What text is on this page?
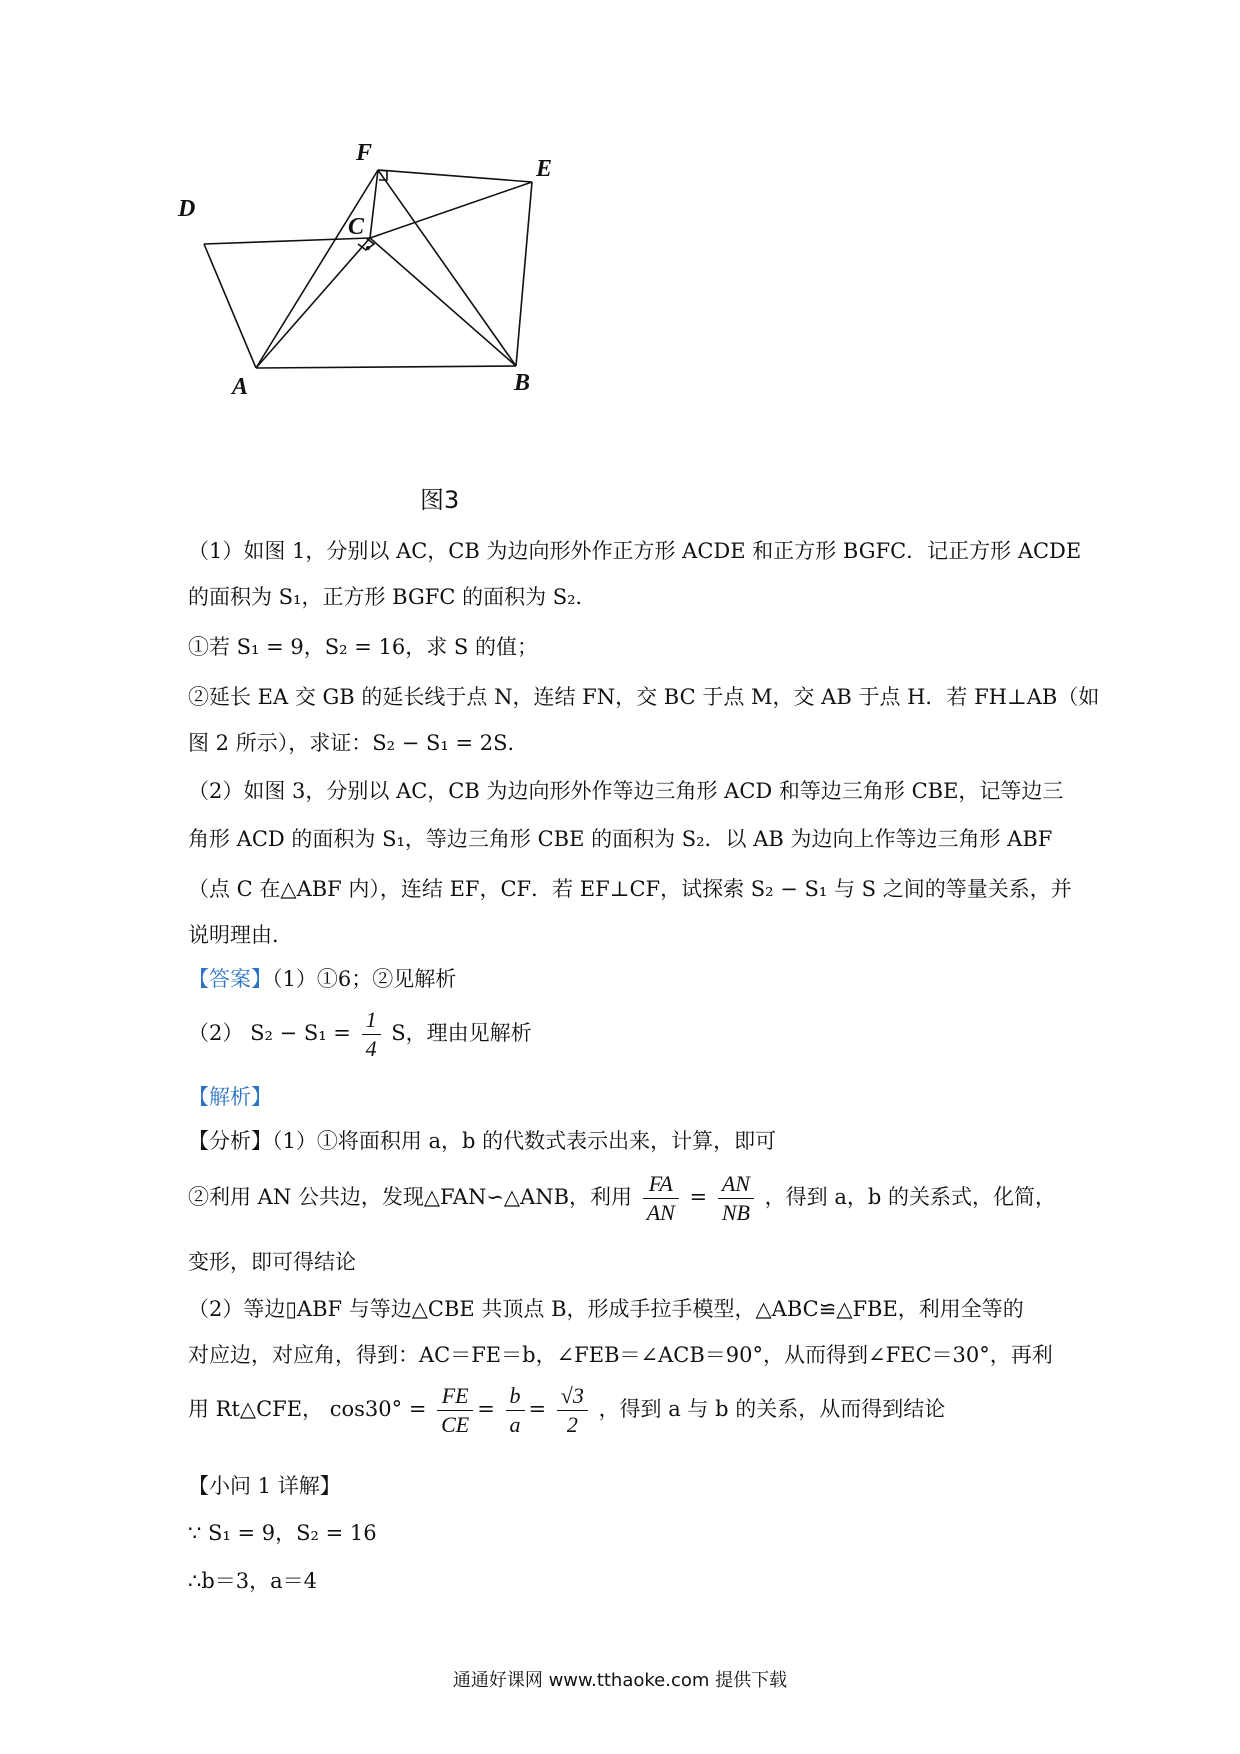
F
E
D
C
A	B
图3
（1）如图 1，分别以 AC，CB 为边向形外作正方形 ACDE 和正方形 BGFC．记正方形 ACDE
的面积为 S₁，正方形 BGFC 的面积为 S₂．
①若 S₁ = 9，S₂ = 16，求 S 的值；
②延长 EA 交 GB 的延长线于点 N，连结 FN，交 BC 于点 M，交 AB 于点 H．若 FH⊥AB（如
图 2 所示），求证：S₂ − S₁ = 2S．
（2）如图 3，分别以 AC，CB 为边向形外作等边三角形 ACD 和等边三角形 CBE，记等边三
角形 ACD 的面积为 S₁，等边三角形 CBE 的面积为 S₂．以 AB 为边向上作等边三角形 ABF
（点 C 在△ABF 内），连结 EF，CF．若 EF⊥CF，试探索 S₂ − S₁ 与 S 之间的等量关系，并
说明理由．
【答案】（1）①6；②见解析
（2） $S_2 - S_1 = \frac{1}{4}$ S，理由见解析
【解析】
【分析】（1）①将面积用 a，b 的代数式表示出来，计算，即可
②利用 AN 公共边，发现△FAN∽△ANB，利用 $\frac{FA}{AN} = \frac{AN}{NB}$ ，得到 a，b 的关系式，化简，
变形，即可得结论
（2）等边▯ABF 与等边△CBE 共顶点 B，形成手拉手模型，△ABC≌△FBE，利用全等的
对应边，对应角，得到：AC＝FE＝b，∠FEB＝∠ACB＝90°，从而得到∠FEC＝30°，再利
用 Rt△CFE， $\cos 30^\circ = \frac{FE}{CE} = \frac{b}{a} = \frac{√3}{2}$ ，得到 a 与 b 的关系，从而得到结论
【小问 1 详解】
∵ S₁ = 9，S₂ = 16
∴b＝3，a＝4
通通好课网 www.tthaoke.com 提供下载
